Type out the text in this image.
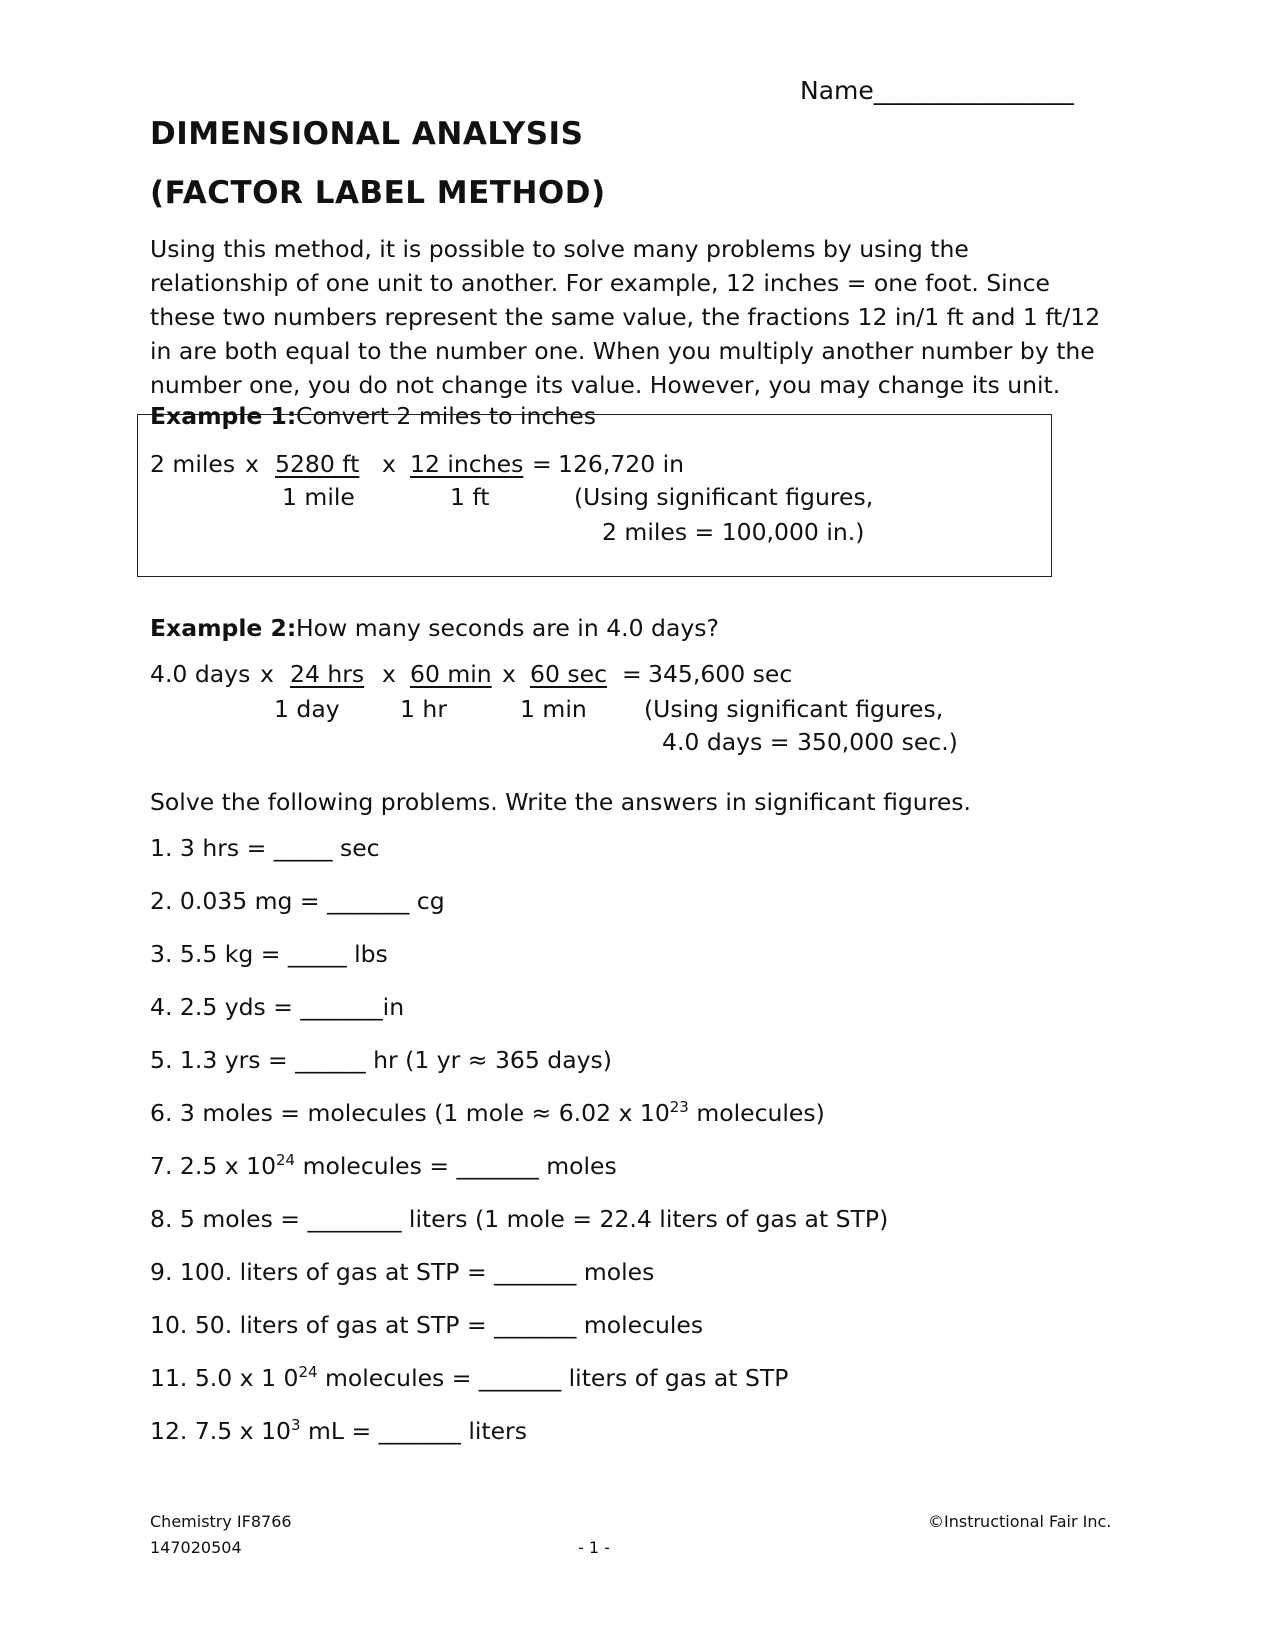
Name________________
DIMENSIONAL ANALYSIS
(FACTOR LABEL METHOD)
Using this method, it is possible to solve many problems by using the relationship of one unit to another. For example, 12 inches = one foot. Since these two numbers represent the same value, the fractions 12 in/1 ft and 1 ft/12 in are both equal to the number one. When you multiply another number by the number one, you do not change its value. However, you may change its unit.
Example 1: Convert 2 miles to inches
2 miles x 5280 ft x 12 inches = 126,720 in
1 mile	1 ft	(Using significant figures,
2 miles = 100,000 in.)
Example 2: How many seconds are in 4.0 days?
4.0 days x 24 hrs x 60 min x 60 sec = 345,600 sec
1 day	1 hr	1 min (Using significant figures,
4.0 days = 350,000 sec.)
Solve the following problems. Write the answers in significant figures.
1. 3 hrs = _____ sec
2. 0.035 mg = _______ cg
3. 5.5 kg = _____ lbs
4. 2.5 yds = _______in
5. 1.3 yrs = ______ hr (1 yr ≈ 365 days)
6. 3 moles = molecules (1 mole ≈ 6.02 x $10^{23}$ molecules)
7. 2.5 x $10^{24}$ molecules = _______ moles
8. 5 moles = ________ liters (1 mole = 22.4 liters of gas at STP)
9. 100. liters of gas at STP = _______ moles
10. 50. liters of gas at STP = _______ molecules
11. 5.0 x 1 $0^{24}$ molecules = _______ liters of gas at STP
12. 7.5 x $10^3$ mL = _______ liters
Chemistry IF8766
147020504
©Instructional Fair Inc.
- 1 -
